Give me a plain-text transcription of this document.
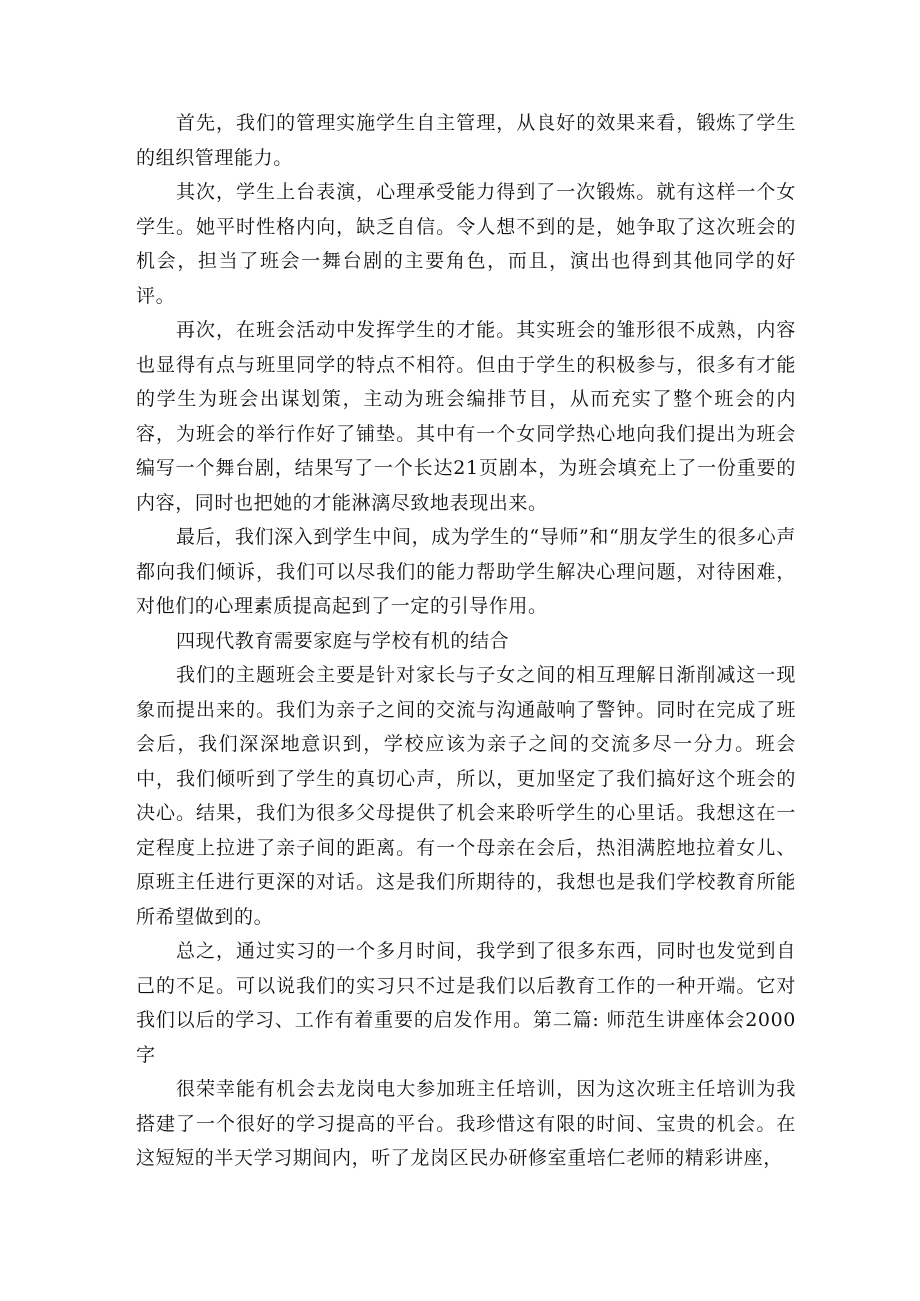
首先，我们的管理实施学生自主管理，从良好的效果来看，锻炼了学生的组织管理能力。

其次，学生上台表演，心理承受能力得到了一次锻炼。就有这样一个女学生。她平时性格内向，缺乏自信。令人想不到的是，她争取了这次班会的机会，担当了班会一舞台剧的主要角色，而且，演出也得到其他同学的好评。

再次，在班会活动中发挥学生的才能。其实班会的雏形很不成熟，内容也显得有点与班里同学的特点不相符。但由于学生的积极参与，很多有才能的学生为班会出谋划策，主动为班会编排节目，从而充实了整个班会的内容，为班会的举行作好了铺垫。其中有一个女同学热心地向我们提出为班会编写一个舞台剧，结果写了一个长达21页剧本，为班会填充上了一份重要的内容，同时也把她的才能淋漓尽致地表现出来。

最后，我们深入到学生中间，成为学生的“导师”和“朋友学生的很多心声都向我们倾诉，我们可以尽我们的能力帮助学生解决心理问题，对待困难，对他们的心理素质提高起到了一定的引导作用。

四现代教育需要家庭与学校有机的结合

我们的主题班会主要是针对家长与子女之间的相互理解日渐削减这一现象而提出来的。我们为亲子之间的交流与沟通敲响了警钟。同时在完成了班会后，我们深深地意识到，学校应该为亲子之间的交流多尽一分力。班会中，我们倾听到了学生的真切心声，所以，更加坚定了我们搞好这个班会的决心。结果，我们为很多父母提供了机会来聆听学生的心里话。我想这在一定程度上拉进了亲子间的距离。有一个母亲在会后，热泪满腔地拉着女儿、原班主任进行更深的对话。这是我们所期待的，我想也是我们学校教育所能所希望做到的。

总之，通过实习的一个多月时间，我学到了很多东西，同时也发觉到自己的不足。可以说我们的实习只不过是我们以后教育工作的一种开端。它对我们以后的学习、工作有着重要的启发作用。第二篇: 师范生讲座体会2000字

很荣幸能有机会去龙岗电大参加班主任培训，因为这次班主任培训为我搭建了一个很好的学习提高的平台。我珍惜这有限的时间、宝贵的机会。在这短短的半天学习期间内，听了龙岗区民办研修室重培仁老师的精彩讲座，
